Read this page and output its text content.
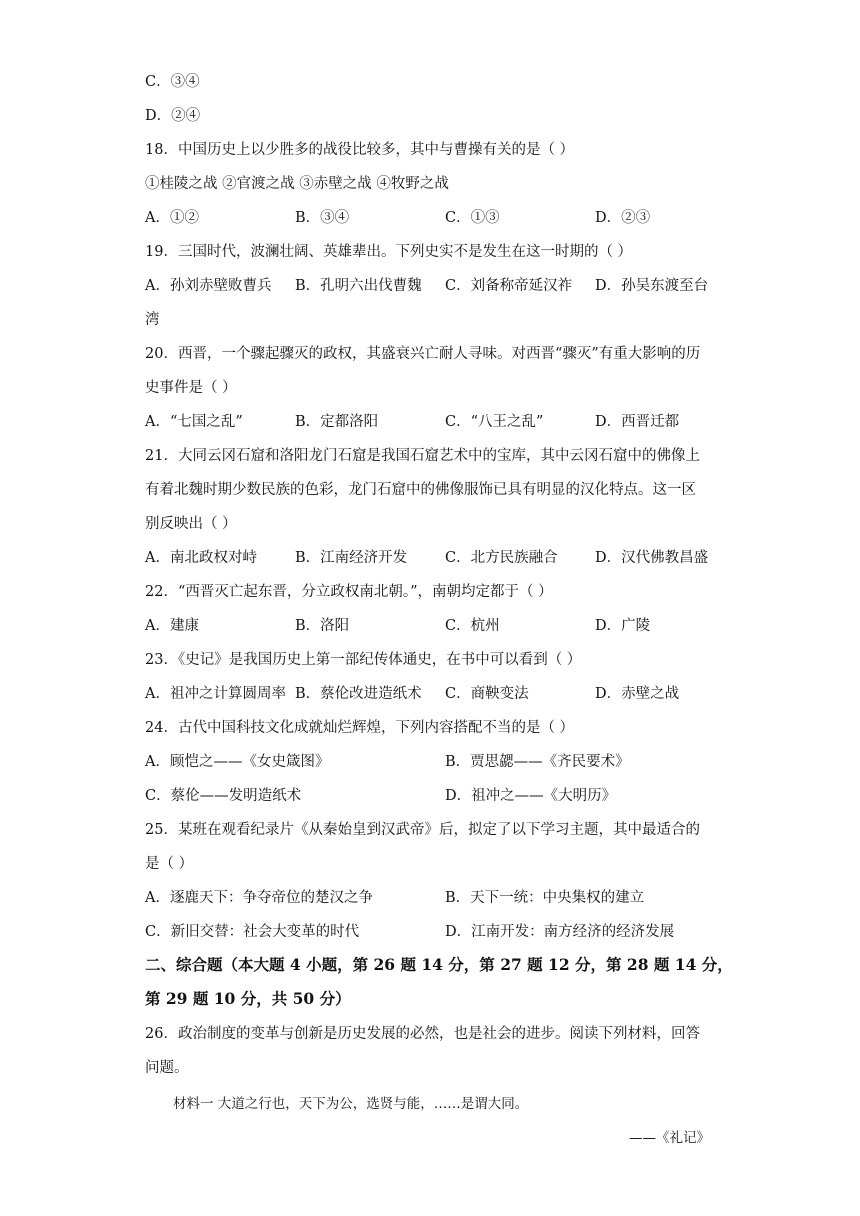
C．③④
D．②④
18．中国历史上以少胜多的战役比较多，其中与曹操有关的是（ ）
①桂陵之战 ②官渡之战 ③赤壁之战 ④牧野之战
A．①②	B．③④	C．①③	D．②③
19．三国时代，波澜壮阔、英雄辈出。下列史实不是发生在这一时期的（ ）
A．孙刘赤壁败曹兵 B．孔明六出伐曹魏 C．刘备称帝延汉祚 D．孙吴东渡至台
湾
20．西晋，一个骤起骤灭的政权，其盛衰兴亡耐人寻味。对西晋“骤灭”有重大影响的历
史事件是（ ）
A．“七国之乱”	B．定都洛阳	C．“八王之乱”	D．西晋迁都
21．大同云冈石窟和洛阳龙门石窟是我国石窟艺术中的宝库，其中云冈石窟中的佛像上
有着北魏时期少数民族的色彩，龙门石窟中的佛像服饰已具有明显的汉化特点。这一区
别反映出（ ）
A．南北政权对峙	B．江南经济开发	C．北方民族融合	D．汉代佛教昌盛
22．“西晋灭亡起东晋，分立政权南北朝。”，南朝均定都于（ ）
A．建康	B．洛阳	C．杭州	D．广陵
23．《史记》是我国历史上第一部纪传体通史，在书中可以看到（ ）
A．祖冲之计算圆周率 B．蔡伦改进造纸术 C．商鞅变法	D．赤壁之战
24．古代中国科技文化成就灿烂辉煌，下列内容搭配不当的是（ ）
A．顾恺之——《女史箴图》	B．贾思勰——《齐民要术》
C．蔡伦——发明造纸术	D．祖冲之——《大明历》
25．某班在观看纪录片《从秦始皇到汉武帝》后，拟定了以下学习主题，其中最适合的
是（ ）
A．逐鹿天下：争夺帝位的楚汉之争	B．天下一统：中央集权的建立
C．新旧交替：社会大变革的时代	D．江南开发：南方经济的经济发展
二、综合题（本大题 4 小题，第 26 题 14 分，第 27 题 12 分，第 28 题 14 分，
第 29 题 10 分，共 50 分）
26．政治制度的变革与创新是历史发展的必然，也是社会的进步。阅读下列材料，回答
问题。
材料一 大道之行也，天下为公，选贤与能，……是谓大同。
——《礼记》
